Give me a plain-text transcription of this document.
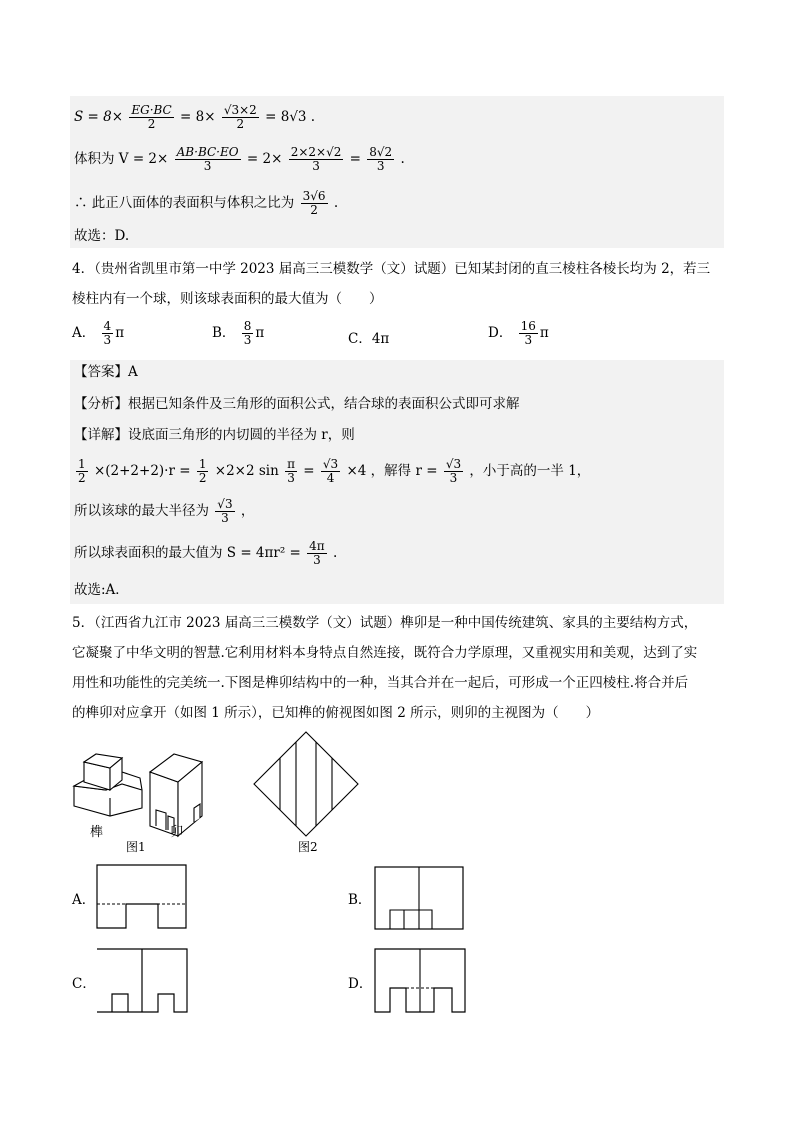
$S = 8\times \frac{EG\cdot BC}{2} = 8\times \frac{√3\times 2}{2} = 8√3$ .
体积为 $V = 2\times \frac{AB\cdot BC\cdot EO}{3} = 2\times \frac{2\times 2\times√2}{3} = \frac{8√2}{3}$ .
∴ 此正八面体的表面积与体积之比为 $\frac{3√6}{2}$ .
故选：D.
4．（贵州省凯里市第一中学 2023 届高三三模数学（文）试题）已知某封闭的直三棱柱各棱长均为 2，若三
棱柱内有一个球，则该球表面积的最大值为（　　）
A． $\frac{4}{3}$ π	B． $\frac{8}{3}$ π	C．4π	D． $\frac{16}{3}$ π
【答案】A
【分析】根据已知条件及三角形的面积公式，结合球的表面积公式即可求解
【详解】设底面三角形的内切圆的半径为 r，则
$\frac{1}{2} \times(2+2+2)\cdot r = \frac{1}{2} \times 2\times 2$ $\sin \frac{\pi}{3} = \frac{√3}{4} \times 4$ ，解得 $r = \frac{√3}{3}$ ，小于高的一半 1，
所以该球的最大半径为 $\frac{√3}{3}$ ，
所以球表面积的最大值为 $S = 4\pi r^2 = \frac{4\pi}{3}$ .
故选:A．
5．（江西省九江市 2023 届高三三模数学（文）试题）榫卯是一种中国传统建筑、家具的主要结构方式，
它凝聚了中华文明的智慧.它利用材料本身特点自然连接，既符合力学原理，又重视实用和美观，达到了实
用性和功能性的完美统一.下图是榫卯结构中的一种，当其合并在一起后，可形成一个正四棱柱.将合并后
的榫卯对应拿开（如图 1 所示），已知榫的俯视图如图 2 所示，则卯的主视图为（　　）
榫	卯
图1	图2
A．	B．
C．	D．
